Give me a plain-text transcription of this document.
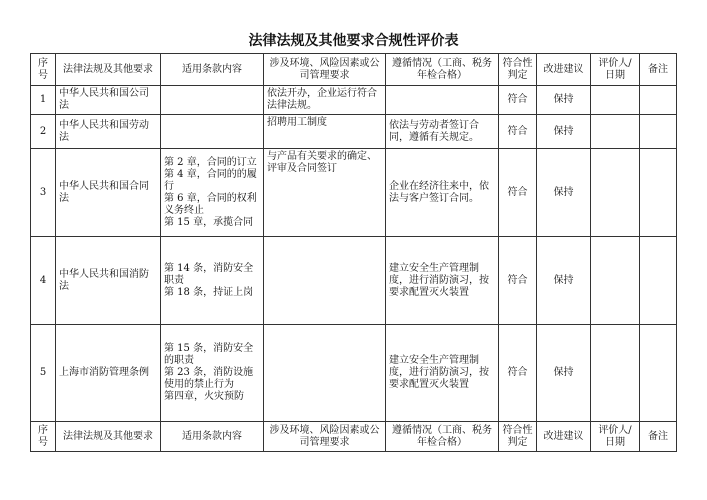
法律法规及其他要求合规性评价表
序号	法律法规及其他要求	适用条款内容	涉及环境、风险因素或公司管理要求	遵循情况（工商、税务年检合格）	符合性判定	改进建议	评价人/日期	备注
1	中华人民共和国公司法		依法开办，企业运行符合法律法规。		符合	保持		
2	中华人民共和国劳动法		招聘用工制度	依法与劳动者签订合同，遵循有关规定。	符合	保持		
3	中华人民共和国合同法	第 2 章，合同的订立
第 4 章，合同的的履行
第 6 章，合同的权利义务终止
第 15 章，承揽合同	与产品有关要求的确定、评审及合同签订	企业在经济往来中，依法与客户签订合同。	符合	保持		
4	中华人民共和国消防法	第 14 条，消防安全职责
第 18 条，持证上岗		建立安全生产管理制度，进行消防演习，按要求配置灭火装置	符合	保持		
5	上海市消防管理条例	第 15 条，消防安全的职责
第 23 条，消防设施使用的禁止行为
第四章，火灾预防		建立安全生产管理制度，进行消防演习，按要求配置灭火装置	符合	保持		
序号	法律法规及其他要求	适用条款内容	涉及环境、风险因素或公司管理要求	遵循情况（工商、税务年检合格）	符合性判定	改进建议	评价人/日期	备注
